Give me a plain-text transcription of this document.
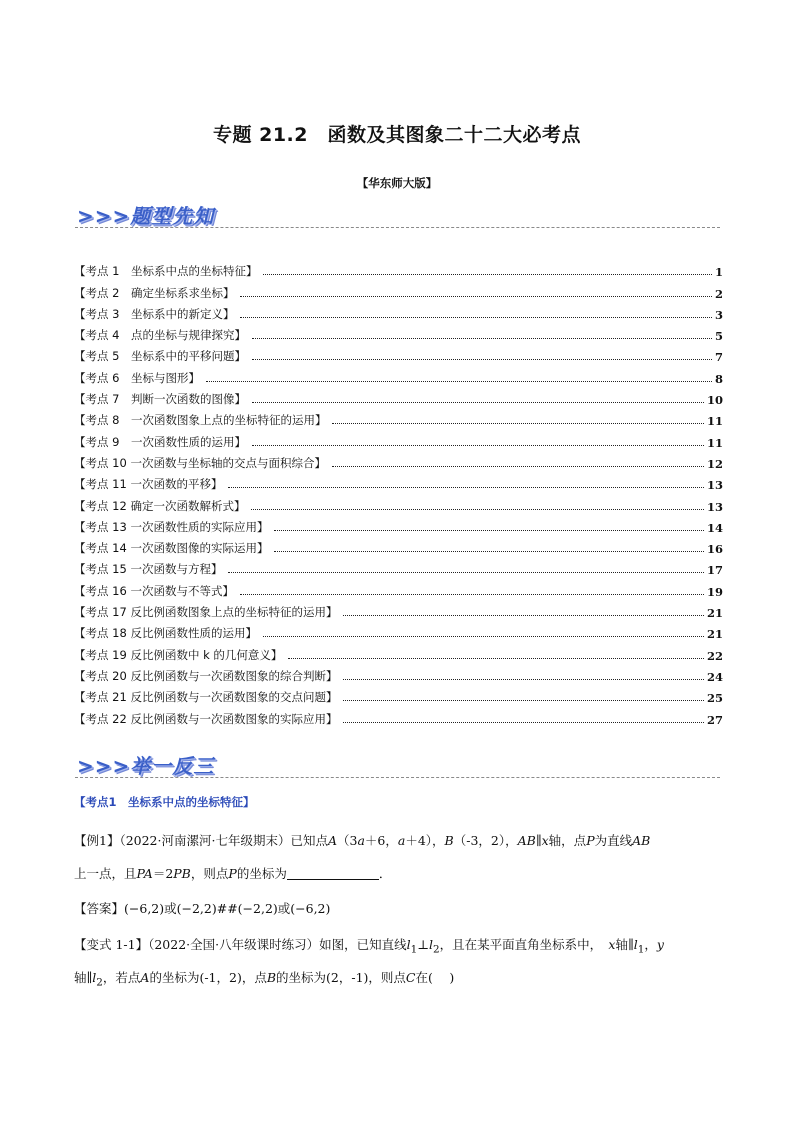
专题 21.2　函数及其图象二十二大必考点
【华东师大版】
>>>题型先知
【考点 1　坐标系中点的坐标特征】	1
【考点 2　确定坐标系求坐标】	2
【考点 3　坐标系中的新定义】	3
【考点 4　点的坐标与规律探究】	5
【考点 5　坐标系中的平移问题】	7
【考点 6　坐标与图形】	8
【考点 7　判断一次函数的图像】	10
【考点 8　一次函数图象上点的坐标特征的运用】	11
【考点 9　一次函数性质的运用】	11
【考点 10 一次函数与坐标轴的交点与面积综合】	12
【考点 11 一次函数的平移】	13
【考点 12 确定一次函数解析式】	13
【考点 13 一次函数性质的实际应用】	14
【考点 14 一次函数图像的实际运用】	16
【考点 15 一次函数与方程】	17
【考点 16 一次函数与不等式】	19
【考点 17 反比例函数图象上点的坐标特征的运用】	21
【考点 18 反比例函数性质的运用】	21
【考点 19 反比例函数中 k 的几何意义】	22
【考点 20 反比例函数与一次函数图象的综合判断】	24
【考点 21 反比例函数与一次函数图象的交点问题】	25
【考点 22 反比例函数与一次函数图象的实际应用】	27
>>>举一反三
【考点1　坐标系中点的坐标特征】
【例1】（2022·河南漯河·七年级期末）已知点A（3a＋6，a＋4），B（-3，2），AB∥x轴，点P为直线AB
上一点，且PA＝2PB，则点P的坐标为	．
【答案】(−6,2)或(−2,2)##(−2,2)或(−6,2)
【变式 1-1】（2022·全国·八年级课时练习）如图，已知直线$l_1\perp l_2$，且在某平面直角坐标系中，　x轴$\parallel l_1$，y
轴$\parallel l_2$，若点A的坐标为(-1，2)，点B的坐标为(2，-1)，则点C在(　 )
